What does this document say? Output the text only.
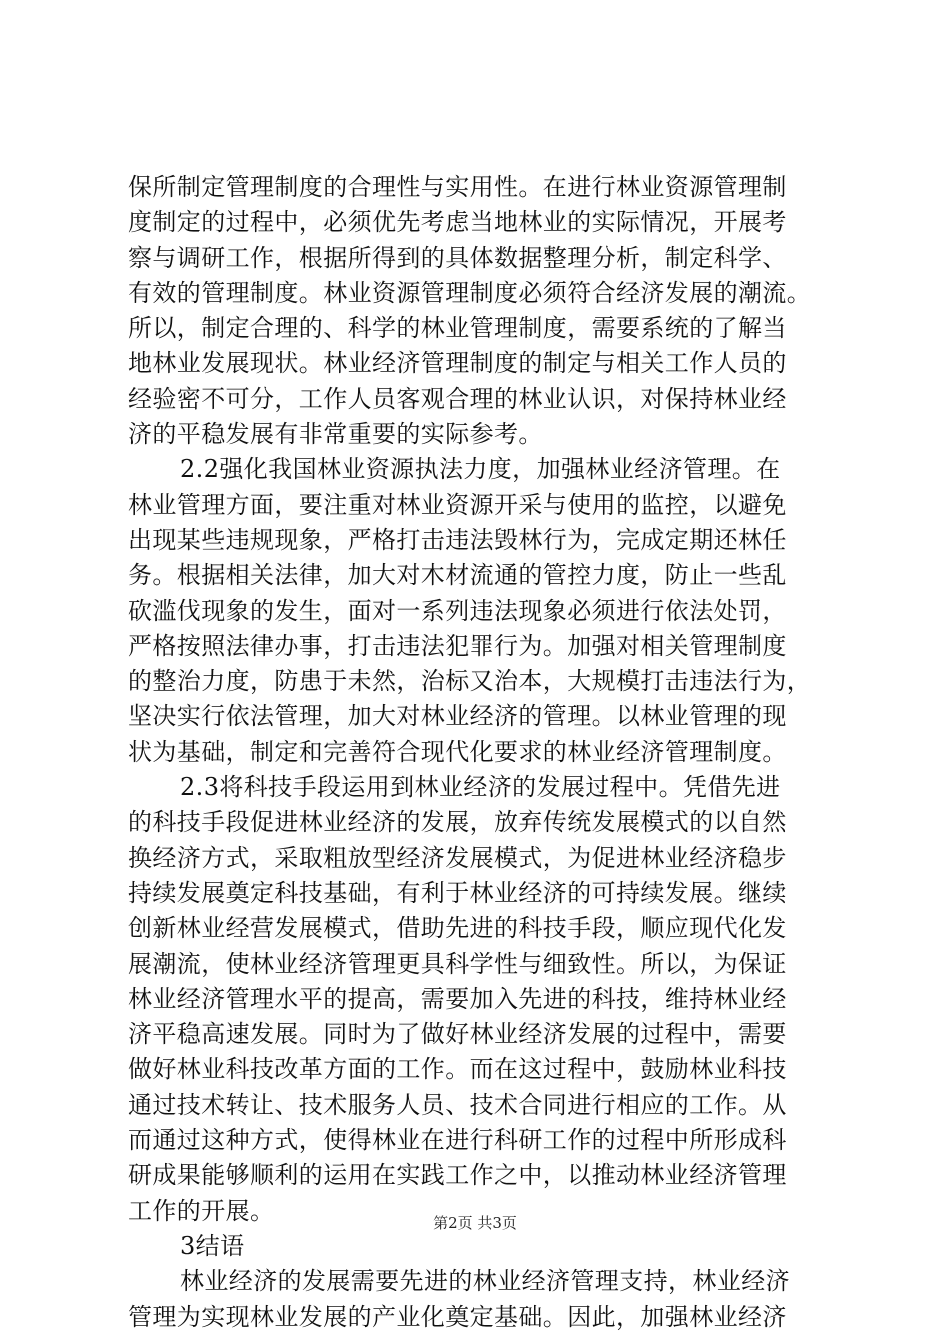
保所制定管理制度的合理性与实用性。在进行林业资源管理制
度制定的过程中，必须优先考虑当地林业的实际情况，开展考
察与调研工作，根据所得到的具体数据整理分析，制定科学、
有效的管理制度。林业资源管理制度必须符合经济发展的潮流。
所以，制定合理的、科学的林业管理制度，需要系统的了解当
地林业发展现状。林业经济管理制度的制定与相关工作人员的
经验密不可分，工作人员客观合理的林业认识，对保持林业经
济的平稳发展有非常重要的实际参考。
2.2强化我国林业资源执法力度，加强林业经济管理。在
林业管理方面，要注重对林业资源开采与使用的监控，以避免
出现某些违规现象，严格打击违法毁林行为，完成定期还林任
务。根据相关法律，加大对木材流通的管控力度，防止一些乱
砍滥伐现象的发生，面对一系列违法现象必须进行依法处罚，
严格按照法律办事，打击违法犯罪行为。加强对相关管理制度
的整治力度，防患于未然，治标又治本，大规模打击违法行为，
坚决实行依法管理，加大对林业经济的管理。以林业管理的现
状为基础，制定和完善符合现代化要求的林业经济管理制度。
2.3将科技手段运用到林业经济的发展过程中。凭借先进
的科技手段促进林业经济的发展，放弃传统发展模式的以自然
换经济方式，采取粗放型经济发展模式，为促进林业经济稳步
持续发展奠定科技基础，有利于林业经济的可持续发展。继续
创新林业经营发展模式，借助先进的科技手段，顺应现代化发
展潮流，使林业经济管理更具科学性与细致性。所以，为保证
林业经济管理水平的提高，需要加入先进的科技，维持林业经
济平稳高速发展。同时为了做好林业经济发展的过程中，需要
做好林业科技改革方面的工作。而在这过程中，鼓励林业科技
通过技术转让、技术服务人员、技术合同进行相应的工作。从
而通过这种方式，使得林业在进行科研工作的过程中所形成科
研成果能够顺利的运用在实践工作之中，以推动林业经济管理
工作的开展。
3结语
林业经济的发展需要先进的林业经济管理支持，林业经济
管理为实现林业发展的产业化奠定基础。因此，加强林业经济
第2页 共3页
